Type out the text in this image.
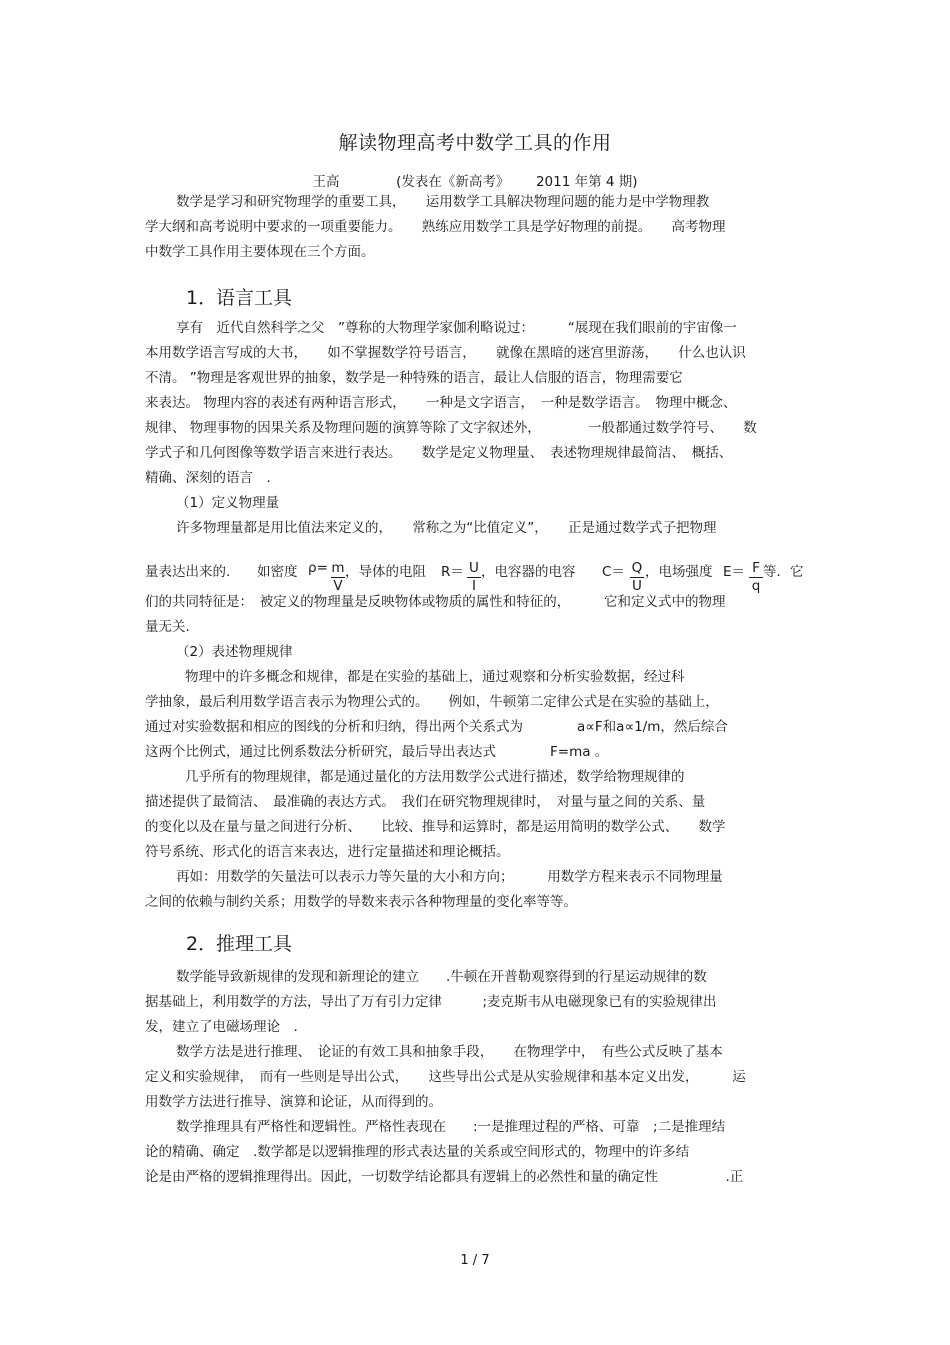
解读物理高考中数学工具的作用
王高	(发表在《新高考》 2011 年第 4 期)
数学是学习和研究物理学的重要工具，　　运用数学工具解决物理问题的能力是中学物理教
学大纲和高考说明中要求的一项重要能力。　　熟练应用数学工具是学好物理的前提。　　高考物理
中数学工具作用主要体现在三个方面。
1．语言工具
享有　近代自然科学之父　”尊称的大物理学家伽利略说过：　　　“展现在我们眼前的宇宙像一
本用数学语言写成的大书，　　如不掌握数学符号语言，　　就像在黑暗的迷宫里游荡，　　什么也认识
不清。 ”物理是客观世界的抽象，数学是一种特殊的语言，最让人信服的语言，物理需要它
来表达。 物理内容的表述有两种语言形式，　　一种是文字语言，　一种是数学语言。　物理中概念、
规律、 物理事物的因果关系及物理问题的演算等除了文字叙述外，　　　　一般都通过数学符号、　　数
学式子和几何图像等数学语言来进行表达。　　数学是定义物理量、　表述物理规律最简洁、　概括、
精确、深刻的语言　.
（1）定义物理量
许多物理量都是用比值法来定义的，　　常称之为“比值定义”，　　正是通过数学式子把物理
量表达出来的. 如密度 ρ= m
V
，导体的电阻 R＝ U
I
，电容器的电容 C＝ Q
U
，电场强度 E＝ F
q
等．它
们的共同特征是：　被定义的物理量是反映物体或物质的属性和特征的，　　　它和定义式中的物理
量无关.
（2）表述物理规律
物理中的许多概念和规律，都是在实验的基础上，通过观察和分析实验数据，经过科
学抽象，最后利用数学语言表示为物理公式的。　　例如，牛顿第二定律公式是在实验的基础上，
通过对实验数据和相应的图线的分析和归纳，得出两个关系式为　　　　a∝F和a∝1/m，然后综合
这两个比例式，通过比例系数法分析研究，最后导出表达式　　　　F=ma 。
几乎所有的物理规律，都是通过量化的方法用数学公式进行描述，数学给物理规律的
描述提供了最简洁、　最准确的表达方式。　我们在研究物理规律时，　对量与量之间的关系、量
的变化以及在量与量之间进行分析、　　比较、推导和运算时，都是运用简明的数学公式、　　数学
符号系统、形式化的语言来表达，进行定量描述和理论概括。
再如：用数学的矢量法可以表示力等矢量的大小和方向；　　　用数学方程来表示不同物理量
之间的依赖与制约关系；用数学的导数来表示各种物理量的变化率等等。
2．推理工具
数学能导致新规律的发现和新理论的建立　　.牛顿在开普勒观察得到的行星运动规律的数
据基础上，利用数学的方法，导出了万有引力定律　　　;麦克斯韦从电磁现象已有的实验规律出
发，建立了电磁场理论　.
数学方法是进行推理、　论证的有效工具和抽象手段，　　在物理学中，　有些公式反映了基本
定义和实验规律，　而有一些则是导出公式，　　这些导出公式是从实验规律和基本定义出发，　　　运
用数学方法进行推导、演算和论证，从而得到的。
数学推理具有严格性和逻辑性。严格性表现在　　:一是推理过程的严格、可靠　;二是推理结
论的精确、确定　.数学都是以逻辑推理的形式表达量的关系或空间形式的，物理中的许多结
论是由严格的逻辑推理得出。因此，一切数学结论都具有逻辑上的必然性和量的确定性　　　　　.正
1 / 7
